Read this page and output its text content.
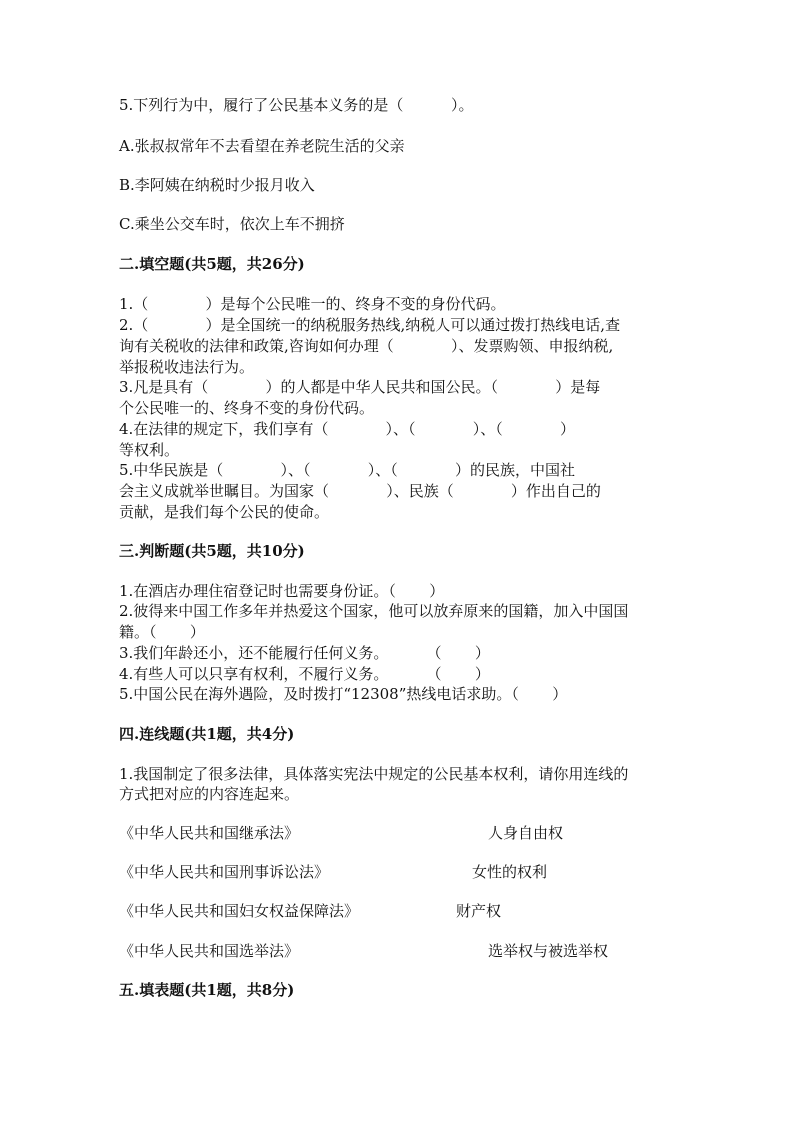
5.下列行为中，履行了公民基本义务的是（          ）。
A.张叔叔常年不去看望在养老院生活的父亲
B.李阿姨在纳税时少报月收入
C.乘坐公交车时，依次上车不拥挤
二.填空题(共5题，共26分)
1.（            ）是每个公民唯一的、终身不变的身份代码。
2.（            ）是全国统一的纳税服务热线,纳税人可以通过拨打热线电话,查
询有关税收的法律和政策,咨询如何办理（            ）、发票购领、申报纳税,
举报税收违法行为。
3.凡是具有（            ）的人都是中华人民共和国公民。（            ）是每
个公民唯一的、终身不变的身份代码。
4.在法律的规定下，我们享有（            ）、（            ）、（            ）
等权利。
5.中华民族是（            ）、（            ）、（            ）的民族，中国社
会主义成就举世瞩目。为国家（            ）、民族（            ）作出自己的
贡献，是我们每个公民的使命。
三.判断题(共5题，共10分)
1.在酒店办理住宿登记时也需要身份证。（       ）
2.彼得来中国工作多年并热爱这个国家，他可以放弃原来的国籍，加入中国国
籍。（       ）
3.我们年龄还小，还不能履行任何义务。        （       ）
4.有些人可以只享有权利，不履行义务。        （       ）
5.中国公民在海外遇险，及时拨打“12308”热线电话求助。（       ）
四.连线题(共1题，共4分)
1.我国制定了很多法律，具体落实宪法中规定的公民基本权利，请你用连线的
方式把对应的内容连起来。
《中华人民共和国继承法》	人身自由权
《中华人民共和国刑事诉讼法》	女性的权利
《中华人民共和国妇女权益保障法》	财产权
《中华人民共和国选举法》	选举权与被选举权
五.填表题(共1题，共8分)
